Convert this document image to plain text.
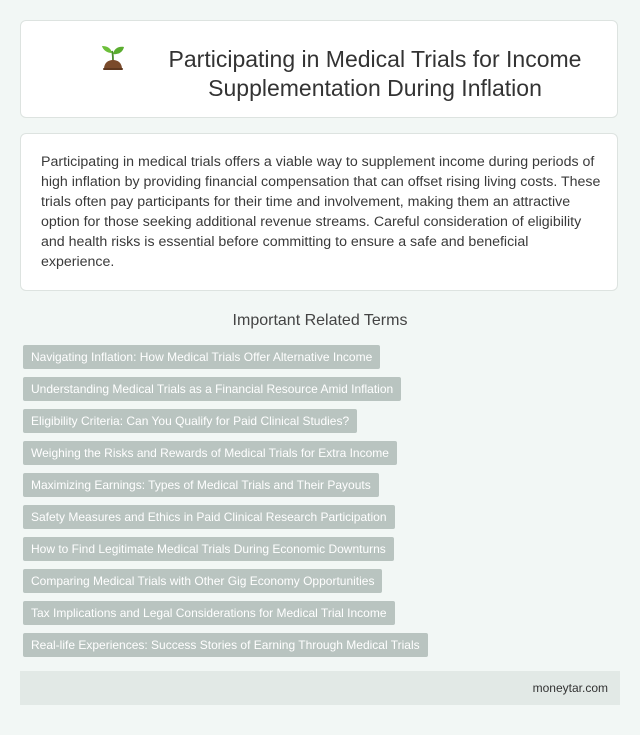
Participating in Medical Trials for Income Supplementation During Inflation

Participating in medical trials offers a viable way to supplement income during periods of high inflation by providing financial compensation that can offset rising living costs. These trials often pay participants for their time and involvement, making them an attractive option for those seeking additional revenue streams. Careful consideration of eligibility and health risks is essential before committing to ensure a safe and beneficial experience.

Important Related Terms
Navigating Inflation: How Medical Trials Offer Alternative Income
Understanding Medical Trials as a Financial Resource Amid Inflation
Eligibility Criteria: Can You Qualify for Paid Clinical Studies?
Weighing the Risks and Rewards of Medical Trials for Extra Income
Maximizing Earnings: Types of Medical Trials and Their Payouts
Safety Measures and Ethics in Paid Clinical Research Participation
How to Find Legitimate Medical Trials During Economic Downturns
Comparing Medical Trials with Other Gig Economy Opportunities
Tax Implications and Legal Considerations for Medical Trial Income
Real-life Experiences: Success Stories of Earning Through Medical Trials
moneytar.com
